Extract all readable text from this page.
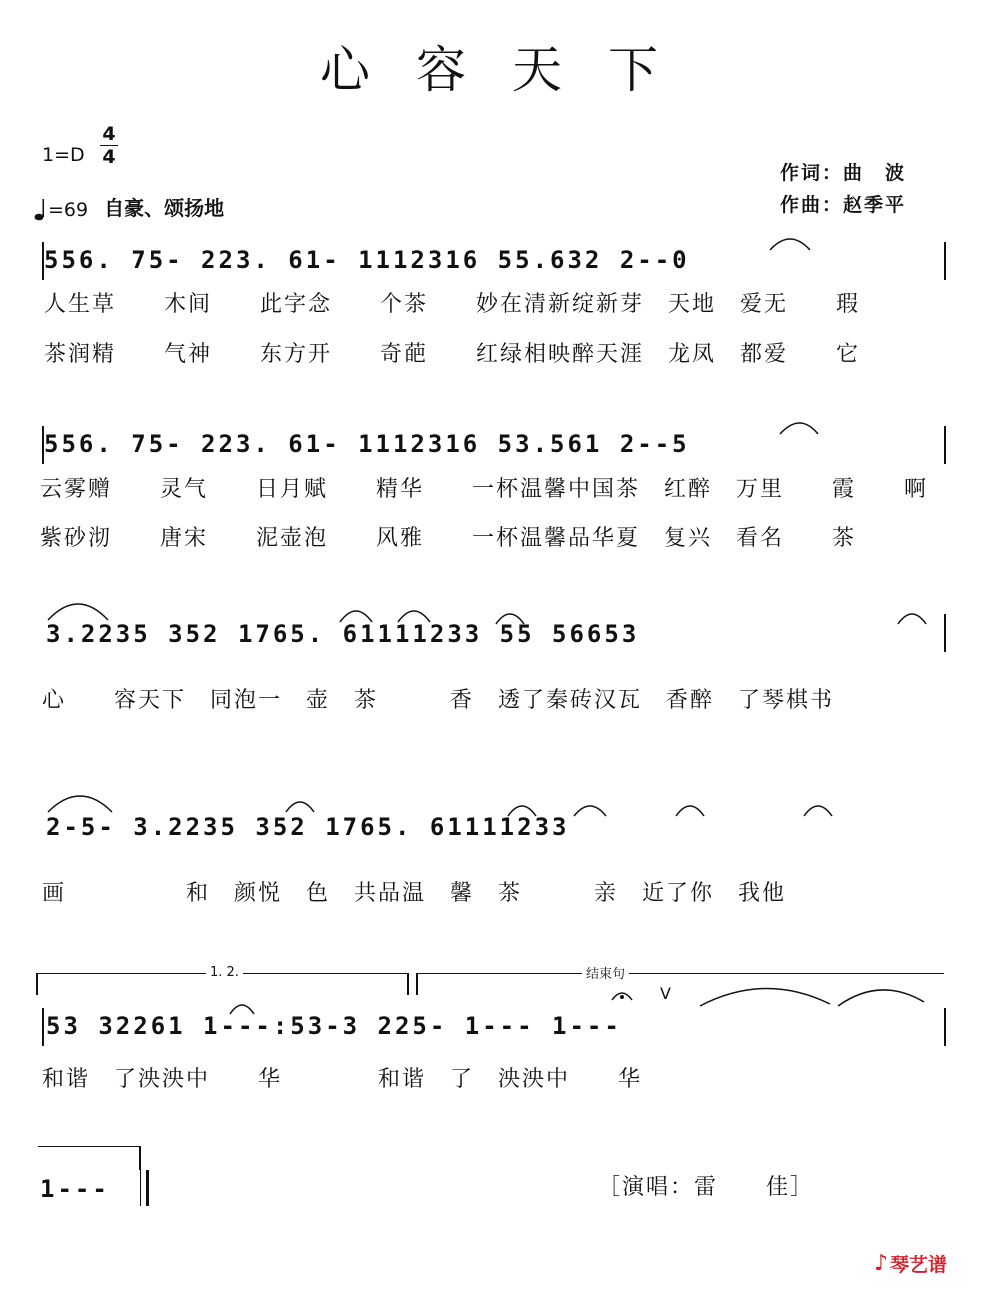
心容天下
1=D
4
4
=69 自豪、颂扬地
作词：曲　波
作曲：赵季平
556. 75- 223. 61- 1112316 55.632 2--0
人生草　　木间　　此字念　　个茶　　妙在清新绽新芽　天地　爱无　　瑕
茶润精　　气神　　东方开　　奇葩　　红绿相映醉天涯　龙凤　都爱　　它
556. 75- 223. 61- 1112316 53.561 2--5
云雾赠　　灵气　　日月赋　　精华　　一杯温馨中国茶　红醉　万里　　霞　　啊
紫砂沏　　唐宋　　泥壶泡　　风雅　　一杯温馨品华夏　复兴　看名　　茶
3.2235 352 1765. 61111233 55 56653
心　　容天下　同泡一　壶　茶　　　香　透了秦砖汉瓦　香醉　了琴棋书
2-5- 3.2235 352 1765. 61111233
画　　　　　和　颜悦　色　共品温　馨　茶　　　亲　近了你　我他
1. 2.	结束句
V
53 32261 1---:53-3 225- 1--- 1---
和谐　了泱泱中　　华　　　　和谐　了　泱泱中　　华
1---	［演唱：雷　　佳］
♪ 琴艺谱
